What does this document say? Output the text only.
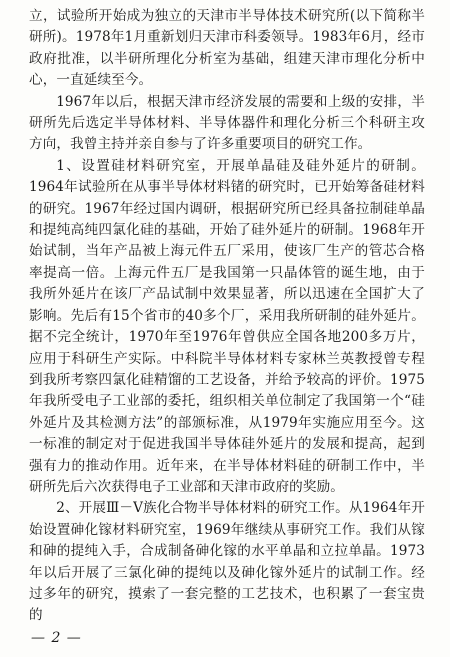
立，试验所开始成为独立的天津市半导体技术研究所(以下简称半研所)。1978年1月重新划归天津市科委领导。1983年6月，经市政府批准，以半研所理化分析室为基础，组建天津市理化分析中心，一直延续至今。

1967年以后，根据天津市经济发展的需要和上级的安排，半研所先后选定半导体材料、半导体器件和理化分析三个科研主攻方向，我曾主持并亲自参与了许多重要项目的研究工作。

1、设置硅材料研究室，开展单晶硅及硅外延片的研制。1964年试验所在从事半导体材料锗的研究时，已开始筹备硅材料的研究。1967年经过国内调研，根据研究所已经具备拉制硅单晶和提纯高纯四氯化硅的基础，开始了硅外延片的研制。1968年开始试制，当年产品被上海元件五厂采用，使该厂生产的管芯合格率提高一倍。上海元件五厂是我国第一只晶体管的诞生地，由于我所外延片在该厂产品试制中效果显著，所以迅速在全国扩大了影响。先后有15个省市的40多个厂，采用我所研制的硅外延片。据不完全统计，1970年至1976年曾供应全国各地200多万片，应用于科研生产实际。中科院半导体材料专家林兰英教授曾专程到我所考察四氯化硅精馏的工艺设备，并给予较高的评价。1975年我所受电子工业部的委托，组织相关单位制定了我国第一个“硅外延片及其检测方法”的部颁标准，从1979年实施应用至今。这一标准的制定对于促进我国半导体硅外延片的发展和提高，起到强有力的推动作用。近年来，在半导体材料硅的研制工作中，半研所先后六次获得电子工业部和天津市政府的奖励。

2、开展Ⅲ－Ⅴ族化合物半导体材料的研究工作。从1964年开始设置砷化镓材料研究室，1969年继续从事研究工作。我们从镓和砷的提纯入手，合成制备砷化镓的水平单晶和立拉单晶。1973年以后开展了三氯化砷的提纯以及砷化镓外延片的试制工作。经过多年的研究，摸索了一套完整的工艺技术，也积累了一套宝贵的

— 2 —
